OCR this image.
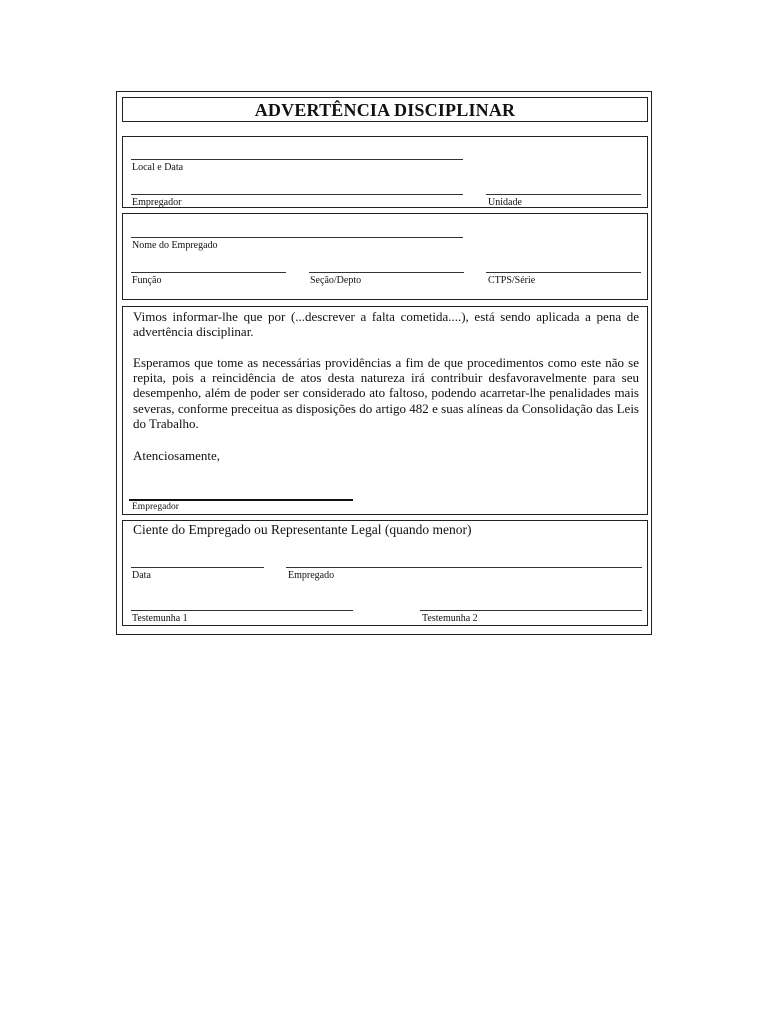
ADVERTÊNCIA DISCIPLINAR
Local e Data
Empregador	Unidade
Nome do Empregado
Função	Seção/Depto	CTPS/Série

Vimos informar-lhe que por (...descrever a falta cometida....), está sendo aplicada a pena de advertência disciplinar.

Esperamos que tome as necessárias providências a fim de que procedimentos como este não se repita, pois a reincidência de atos desta natureza irá contribuir desfavoravelmente para seu desempenho, além de poder ser considerado ato faltoso, podendo acarretar-lhe penalidades mais severas, conforme preceitua as disposições do artigo 482 e suas alíneas da Consolidação das Leis do Trabalho.

Atenciosamente,
Empregador
Ciente do Empregado ou Representante Legal (quando menor)
Data	Empregado
Testemunha 1	Testemunha 2
